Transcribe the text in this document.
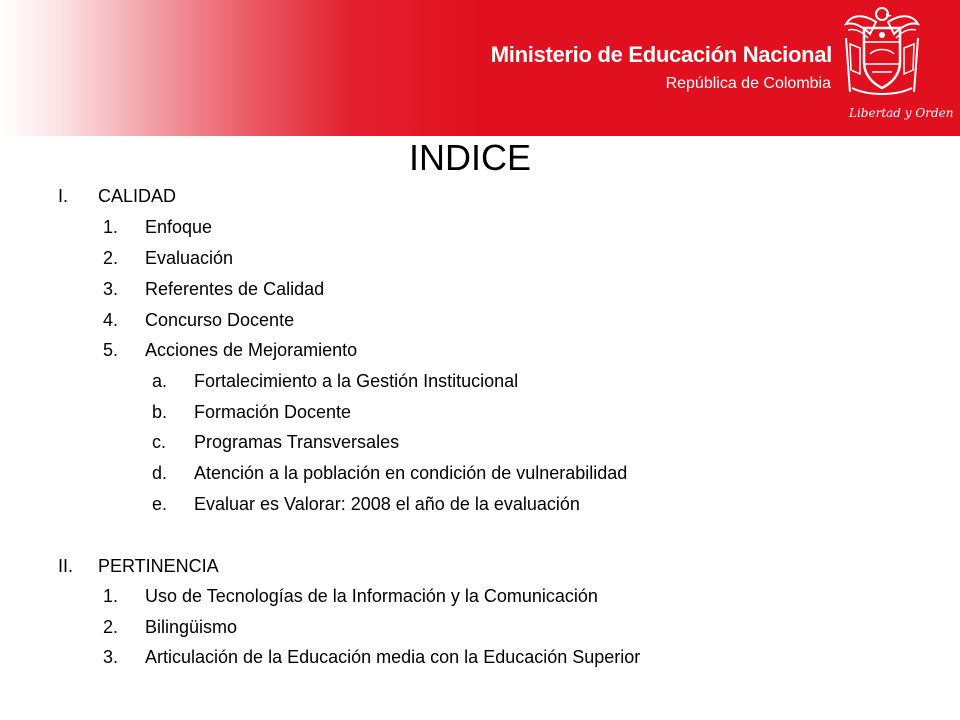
Ministerio de Educación Nacional
República de Colombia
Libertad y Orden
INDICE
I. CALIDAD
1. Enfoque
2. Evaluación
3. Referentes de Calidad
4. Concurso Docente
5. Acciones de Mejoramiento
a. Fortalecimiento a la Gestión Institucional
b. Formación Docente
c. Programas Transversales
d. Atención a la población en condición de vulnerabilidad
e. Evaluar es Valorar: 2008 el año de la evaluación
II. PERTINENCIA
1. Uso de Tecnologías de la Información y la Comunicación
2. Bilingüismo
3. Articulación de la Educación media con la Educación Superior
